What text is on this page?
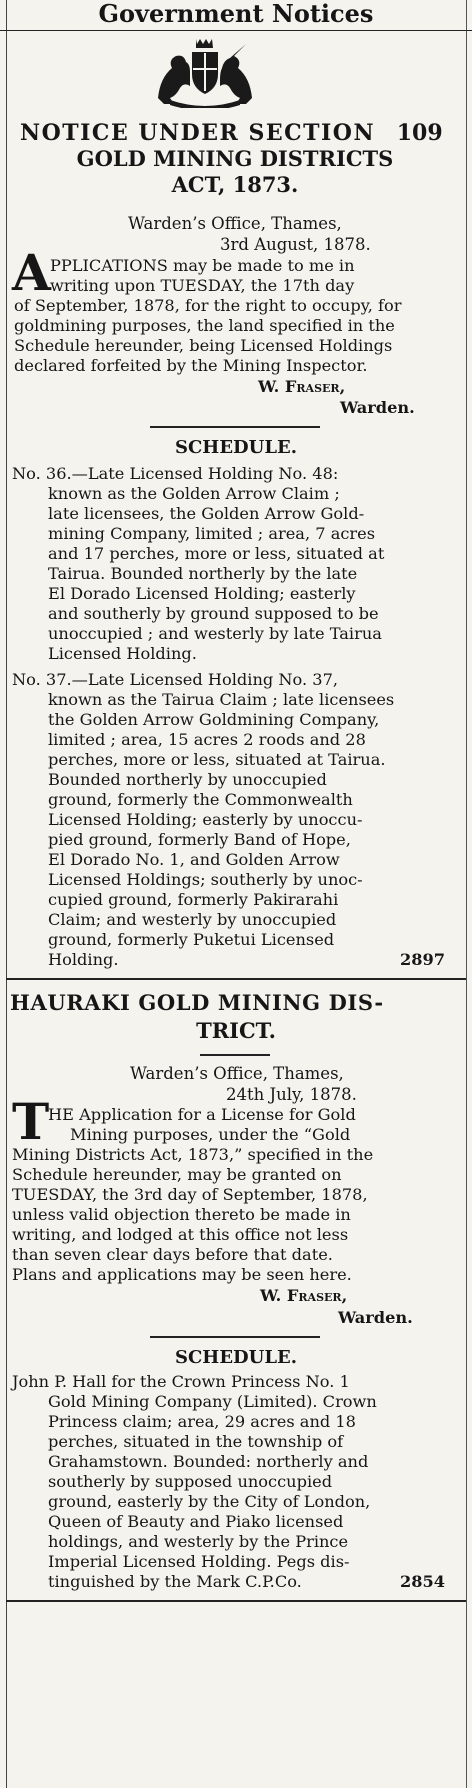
Government Notices
NOTICE UNDER SECTION 109
GOLD MINING DISTRICTS
ACT, 1873.
Warden’s Office, Thames,
3rd August, 1878.
A PPLICATIONS may be made to me in
writing upon TUESDAY, the 17th day
of September, 1878, for the right to occupy, for
goldmining purposes, the land specified in the
Schedule hereunder, being Licensed Holdings
declared forfeited by the Mining Inspector.
W. Fraser,
Warden.
SCHEDULE.
No. 36.—Late Licensed Holding No. 48:
known as the Golden Arrow Claim ;
late licensees, the Golden Arrow Gold-
mining Company, limited ; area, 7 acres
and 17 perches, more or less, situated at
Tairua. Bounded northerly by the late
El Dorado Licensed Holding; easterly
and southerly by ground supposed to be
unoccupied ; and westerly by late Tairua
Licensed Holding.
No. 37.—Late Licensed Holding No. 37,
known as the Tairua Claim ; late licensees
the Golden Arrow Goldmining Company,
limited ; area, 15 acres 2 roods and 28
perches, more or less, situated at Tairua.
Bounded northerly by unoccupied
ground, formerly the Commonwealth
Licensed Holding; easterly by unoccu-
pied ground, formerly Band of Hope,
El Dorado No. 1, and Golden Arrow
Licensed Holdings; southerly by unoc-
cupied ground, formerly Pakirarahi
Claim; and westerly by unoccupied
ground, formerly Puketui Licensed
Holding.	2897
HAURAKI GOLD MINING DIS-
TRICT.
Warden’s Office, Thames,
24th July, 1878.
T
HE Application for a License for Gold
Mining purposes, under the “Gold
Mining Districts Act, 1873,” specified in the
Schedule hereunder, may be granted on
TUESDAY, the 3rd day of September, 1878,
unless valid objection thereto be made in
writing, and lodged at this office not less
than seven clear days before that date.
Plans and applications may be seen here.
W. Fraser,
Warden.
SCHEDULE.
John P. Hall for the Crown Princess No. 1
Gold Mining Company (Limited). Crown
Princess claim; area, 29 acres and 18
perches, situated in the township of
Grahamstown. Bounded: northerly and
southerly by supposed unoccupied
ground, easterly by the City of London,
Queen of Beauty and Piako licensed
holdings, and westerly by the Prince
Imperial Licensed Holding. Pegs dis-
tinguished by the Mark C.P.Co.	2854
